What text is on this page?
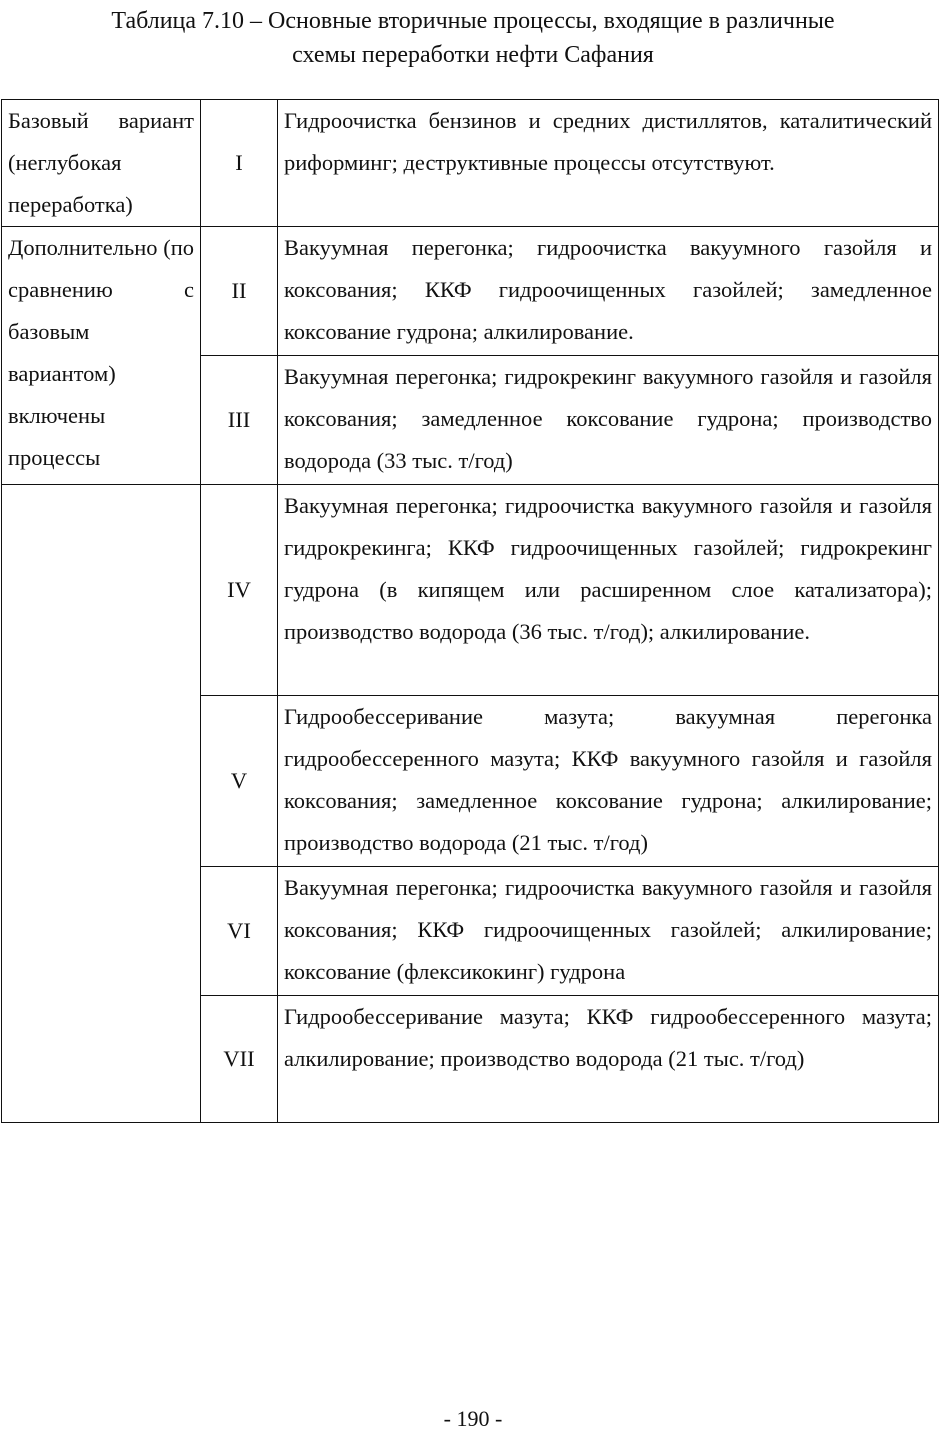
Таблица 7.10 – Основные вторичные процессы, входящие в различные
схемы переработки нефти Сафания
Базовый вариант (неглубокая переработка)	I	Гидроочистка бензинов и средних дистиллятов, каталитический риформинг; деструктивные процессы отсутствуют.

Дополнительно (по сравнению с базовым вариантом) включены процессы	II	Вакуумная перегонка; гидроочистка вакуумного газойля и коксования; ККФ гидроочищенных газойлей; замедленное коксование гудрона; алкилирование.
	III	Вакуумная перегонка; гидрокрекинг вакуумного газойля и газойля коксования; замедленное коксование гудрона; производство водорода (33 тыс. т/год)

	IV	Вакуумная перегонка; гидроочистка вакуумного газойля и газойля гидрокрекинга; ККФ гидроочищенных газойлей; гидрокрекинг гудрона (в кипящем или расширенном слое катализатора); производство водорода (36 тыс. т/год); алкилирование.
	V	Гидрообессеривание мазута; вакуумная перегонка гидрообессеренного мазута; ККФ вакуумного газойля и газойля коксования; замедленное коксование гудрона; алкилирование; производство водорода (21 тыс. т/год)
	VI	Вакуумная перегонка; гидроочистка вакуумного газойля и газойля коксования; ККФ гидроочищенных газойлей; алкилирование; коксование (флексикокинг) гудрона
	VII	Гидрообессеривание мазута; ККФ гидрообессеренного мазута; алкилирование; производство водорода (21 тыс. т/год)
- 190 -
